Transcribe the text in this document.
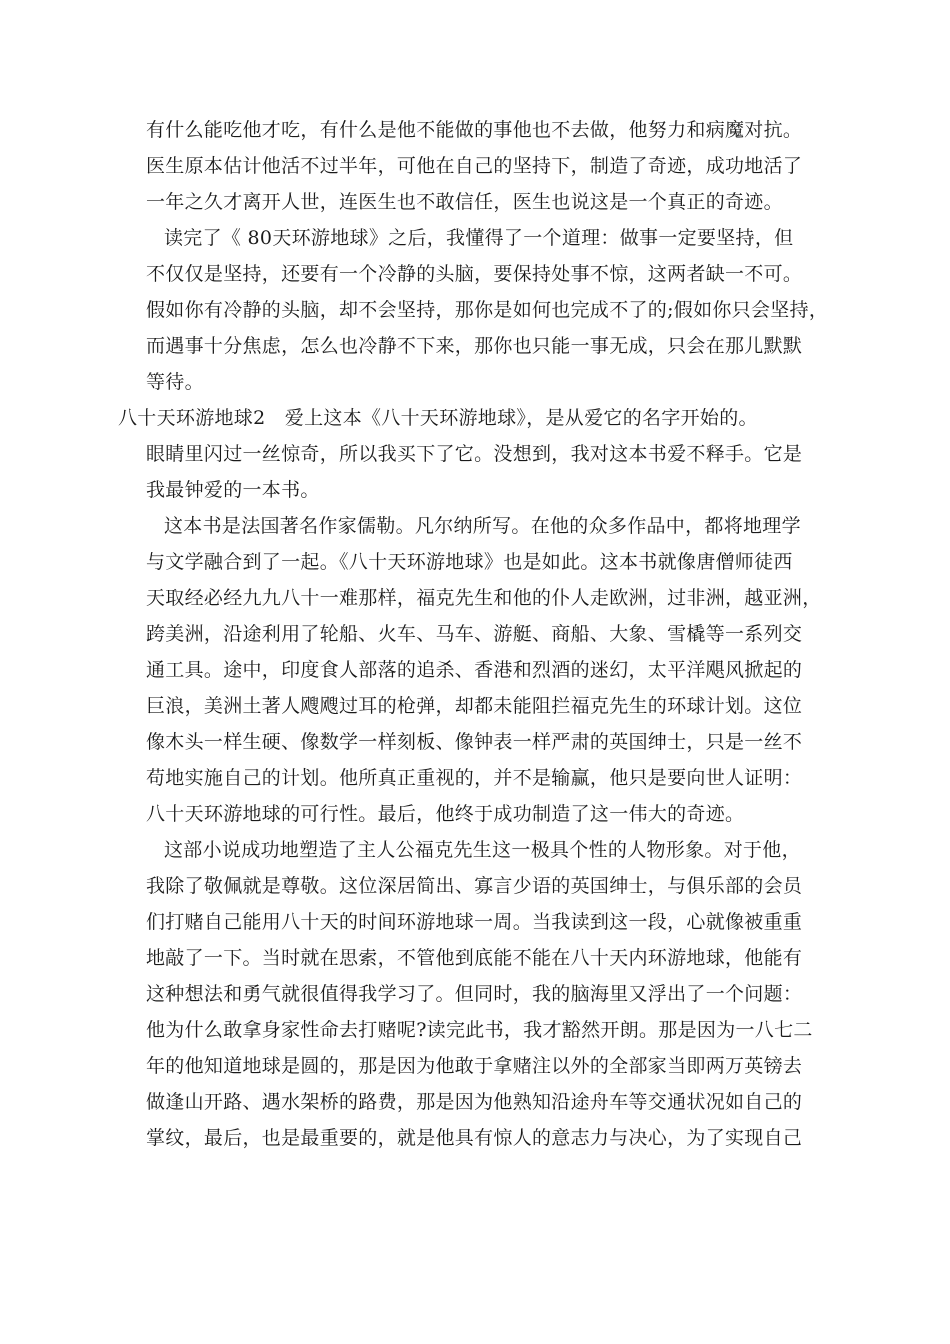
有什么能吃他才吃，有什么是他不能做的事他也不去做，他努力和病魔对抗。
医生原本估计他活不过半年，可他在自己的坚持下，制造了奇迹，成功地活了
一年之久才离开人世，连医生也不敢信任，医生也说这是一个真正的奇迹。
读完了《 80天环游地球》之后，我懂得了一个道理：做事一定要坚持，但
不仅仅是坚持，还要有一个冷静的头脑，要保持处事不惊，这两者缺一不可。
假如你有冷静的头脑，却不会坚持，那你是如何也完成不了的;假如你只会坚持，
而遇事十分焦虑，怎么也冷静不下来，那你也只能一事无成，只会在那儿默默
等待。
八十天环游地球2　爱上这本《八十天环游地球》，是从爱它的名字开始的。
眼睛里闪过一丝惊奇，所以我买下了它。没想到，我对这本书爱不释手。它是
我最钟爱的一本书。
这本书是法国著名作家儒勒。凡尔纳所写。在他的众多作品中，都将地理学
与文学融合到了一起。《八十天环游地球》也是如此。这本书就像唐僧师徒西
天取经必经九九八十一难那样，福克先生和他的仆人走欧洲，过非洲，越亚洲，
跨美洲，沿途利用了轮船、火车、马车、游艇、商船、大象、雪橇等一系列交
通工具。途中，印度食人部落的追杀、香港和烈酒的迷幻，太平洋飓风掀起的
巨浪，美洲土著人飕飕过耳的枪弹，却都未能阻拦福克先生的环球计划。这位
像木头一样生硬、像数学一样刻板、像钟表一样严肃的英国绅士，只是一丝不
苟地实施自己的计划。他所真正重视的，并不是输赢，他只是要向世人证明：
八十天环游地球的可行性。最后，他终于成功制造了这一伟大的奇迹。
这部小说成功地塑造了主人公福克先生这一极具个性的人物形象。对于他，
我除了敬佩就是尊敬。这位深居简出、寡言少语的英国绅士，与俱乐部的会员
们打赌自己能用八十天的时间环游地球一周。当我读到这一段，心就像被重重
地敲了一下。当时就在思索，不管他到底能不能在八十天内环游地球，他能有
这种想法和勇气就很值得我学习了。但同时，我的脑海里又浮出了一个问题：
他为什么敢拿身家性命去打赌呢?读完此书，我才豁然开朗。那是因为一八七二
年的他知道地球是圆的，那是因为他敢于拿赌注以外的全部家当即两万英镑去
做逢山开路、遇水架桥的路费，那是因为他熟知沿途舟车等交通状况如自己的
掌纹，最后，也是最重要的，就是他具有惊人的意志力与决心，为了实现自己
